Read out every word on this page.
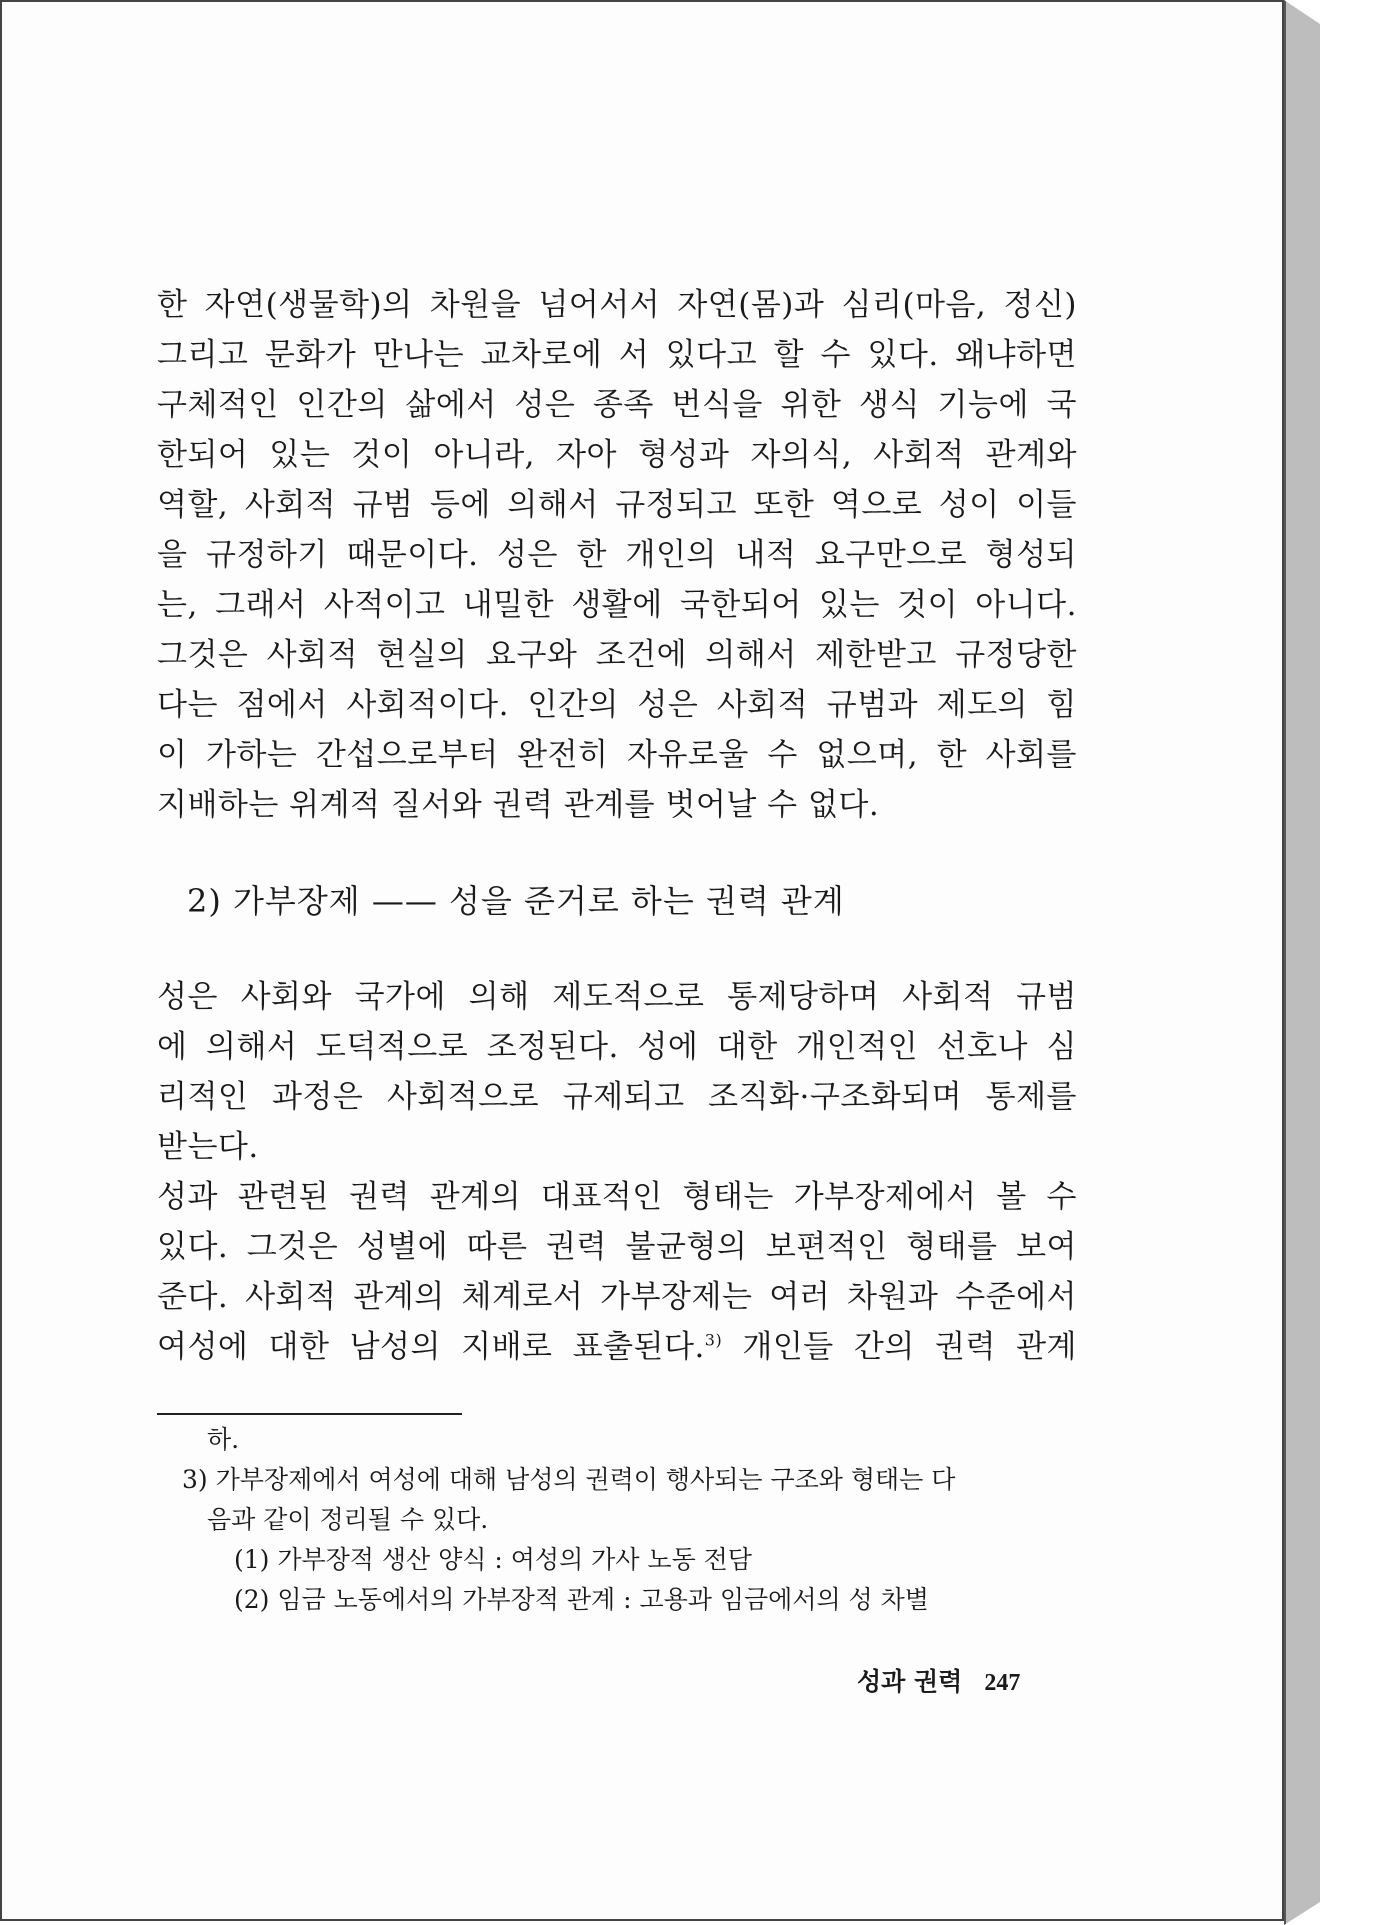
한 자연(생물학)의 차원을 넘어서서 자연(몸)과 심리(마음, 정신)
그리고 문화가 만나는 교차로에 서 있다고 할 수 있다. 왜냐하면
구체적인 인간의 삶에서 성은 종족 번식을 위한 생식 기능에 국
한되어 있는 것이 아니라, 자아 형성과 자의식, 사회적 관계와
역할, 사회적 규범 등에 의해서 규정되고 또한 역으로 성이 이들
을 규정하기 때문이다. 성은 한 개인의 내적 요구만으로 형성되
는, 그래서 사적이고 내밀한 생활에 국한되어 있는 것이 아니다.
그것은 사회적 현실의 요구와 조건에 의해서 제한받고 규정당한
다는 점에서 사회적이다. 인간의 성은 사회적 규범과 제도의 힘
이 가하는 간섭으로부터 완전히 자유로울 수 없으며, 한 사회를
지배하는 위계적 질서와 권력 관계를 벗어날 수 없다.
2) 가부장제 —— 성을 준거로 하는 권력 관계
성은 사회와 국가에 의해 제도적으로 통제당하며 사회적 규범
에 의해서 도덕적으로 조정된다. 성에 대한 개인적인 선호나 심
리적인 과정은 사회적으로 규제되고 조직화·구조화되며 통제를
받는다.
성과 관련된 권력 관계의 대표적인 형태는 가부장제에서 볼 수
있다. 그것은 성별에 따른 권력 불균형의 보편적인 형태를 보여
준다. 사회적 관계의 체계로서 가부장제는 여러 차원과 수준에서
여성에 대한 남성의 지배로 표출된다.$^{3)}$ 개인들 간의 권력 관계
하.
3) 가부장제에서 여성에 대해 남성의 권력이 행사되는 구조와 형태는 다
음과 같이 정리될 수 있다.
(1) 가부장적 생산 양식 : 여성의 가사 노동 전담
(2) 임금 노동에서의 가부장적 관계 : 고용과 임금에서의 성 차별
성과 권력 247
